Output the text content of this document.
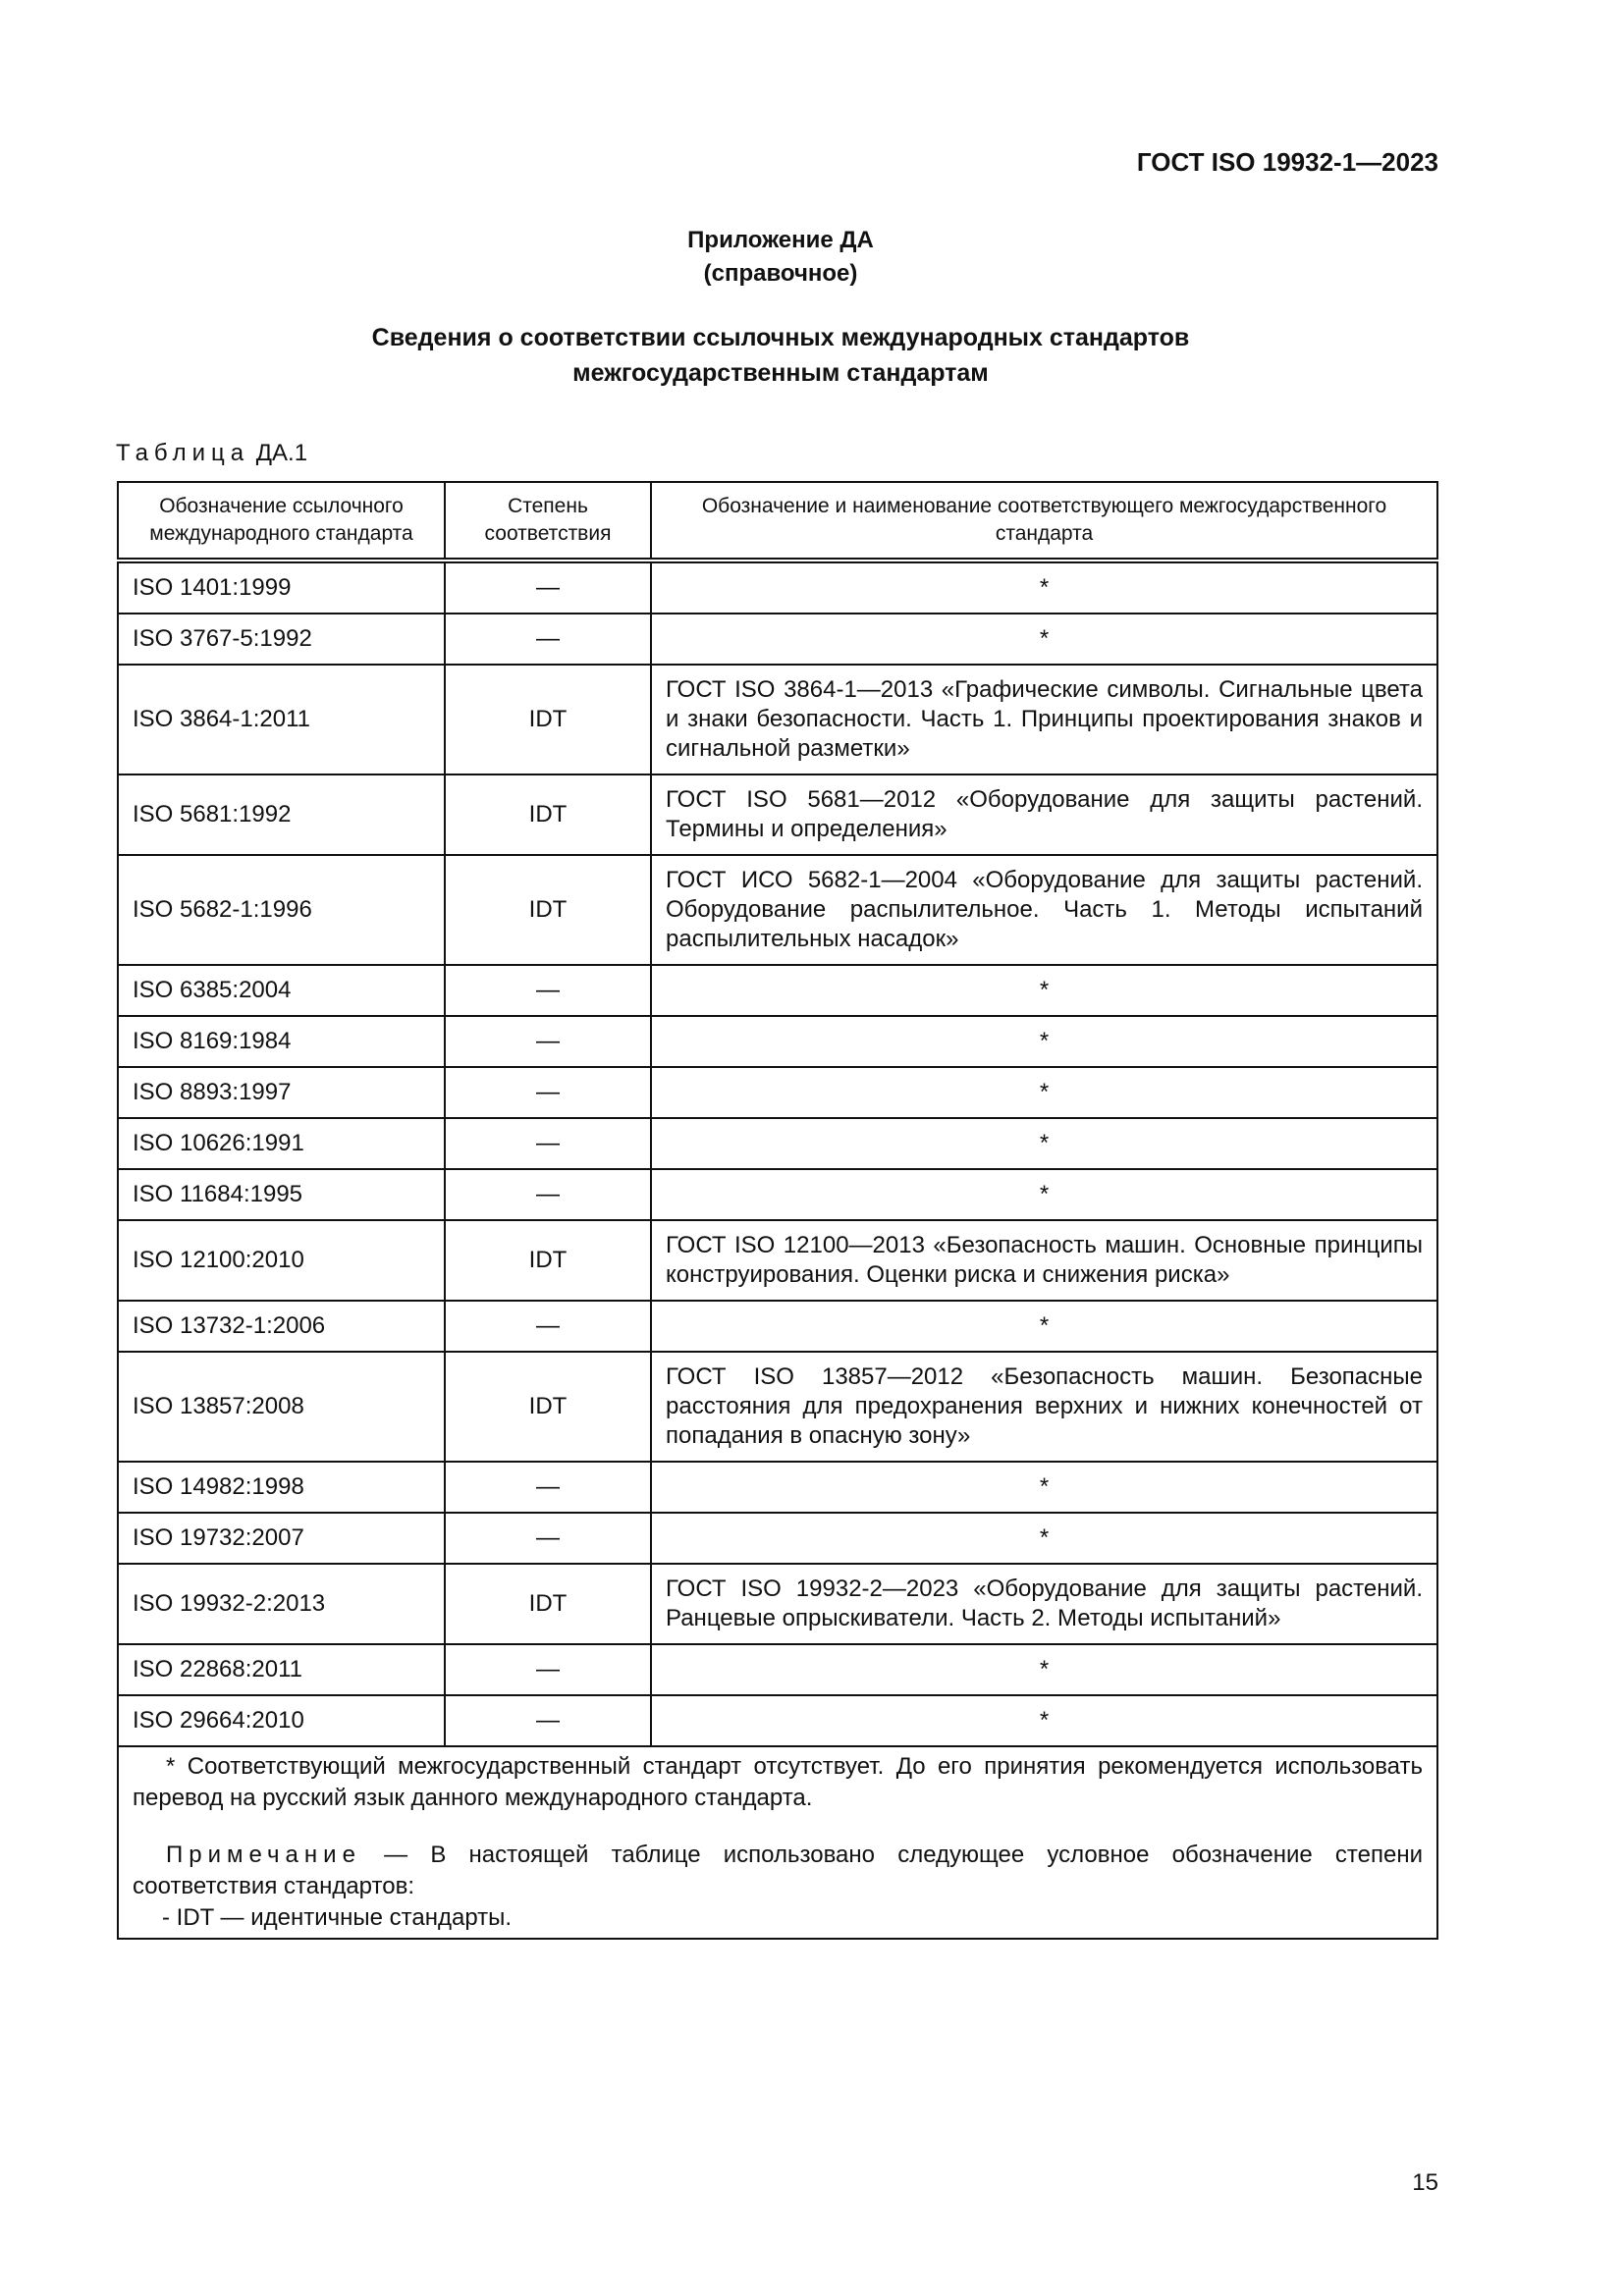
ГОСТ ISO 19932-1—2023
Приложение ДА
(справочное)
Сведения о соответствии ссылочных международных стандартов
межгосударственным стандартам
Таблица ДА.1
Обозначение ссылочного международного стандарта	Степень соответствия	Обозначение и наименование соответствующего межгосударственного стандарта
ISO 1401:1999	—	*
ISO 3767-5:1992	—	*
ISO 3864-1:2011	IDT	ГОСТ ISO 3864-1—2013 «Графические символы. Сигнальные цвета и знаки безопасности. Часть 1. Принципы проектирования знаков и сигнальной разметки»
ISO 5681:1992	IDT	ГОСТ ISO 5681—2012 «Оборудование для защиты растений. Термины и определения»
ISO 5682-1:1996	IDT	ГОСТ ИСО 5682-1—2004 «Оборудование для защиты растений. Оборудование распылительное. Часть 1. Методы испытаний распылительных насадок»
ISO 6385:2004	—	*
ISO 8169:1984	—	*
ISO 8893:1997	—	*
ISO 10626:1991	—	*
ISO 11684:1995	—	*
ISO 12100:2010	IDT	ГОСТ ISO 12100—2013 «Безопасность машин. Основные принципы конструирования. Оценки риска и снижения риска»
ISO 13732-1:2006	—	*
ISO 13857:2008	IDT	ГОСТ ISO 13857—2012 «Безопасность машин. Безопасные расстояния для предохранения верхних и нижних конечностей от попадания в опасную зону»
ISO 14982:1998	—	*
ISO 19732:2007	—	*
ISO 19932-2:2013	IDT	ГОСТ ISO 19932-2—2023 «Оборудование для защиты растений. Ранцевые опрыскиватели. Часть 2. Методы испытаний»
ISO 22868:2011	—	*
ISO 29664:2010	—	*

* Соответствующий межгосударственный стандарт отсутствует. До его принятия рекомендуется использовать перевод на русский язык данного международного стандарта.
Примечание — В настоящей таблице использовано следующее условное обозначение степени соответствия стандартов:
- IDT — идентичные стандарты.		
15
